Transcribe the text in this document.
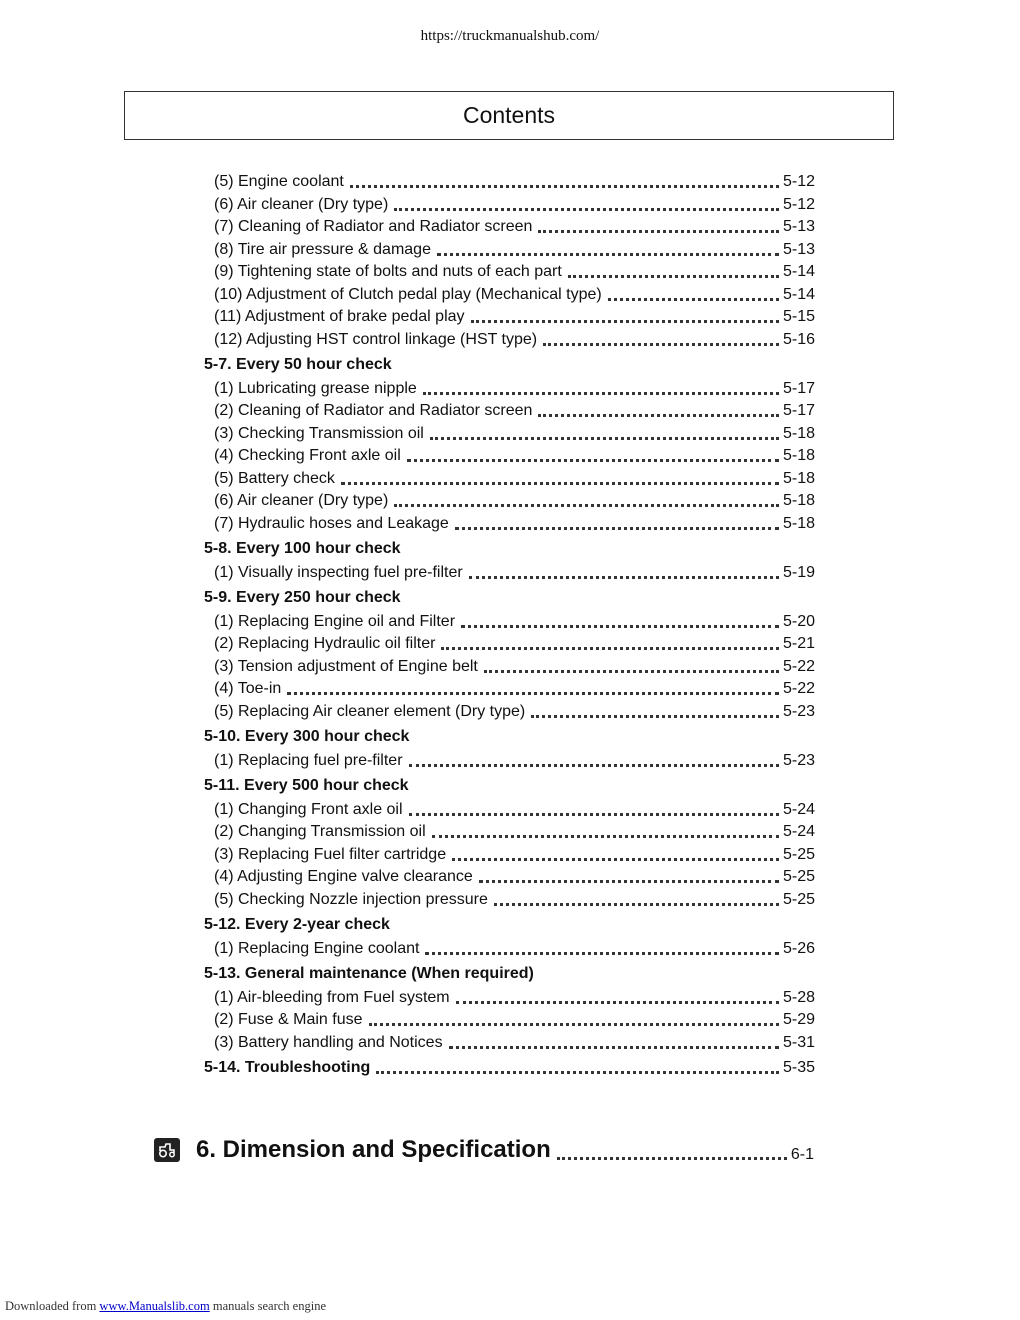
https://truckmanualshub.com/
Contents
(5) Engine coolant	5-12
(6) Air cleaner (Dry type)	5-12
(7) Cleaning of Radiator and Radiator screen	5-13
(8) Tire air pressure & damage	5-13
(9) Tightening state of bolts and nuts of each part	5-14
(10) Adjustment of Clutch pedal play (Mechanical type)	5-14
(11) Adjustment of brake pedal play	5-15
(12) Adjusting HST control linkage (HST type)	5-16
5-7. Every 50 hour check
(1) Lubricating grease nipple	5-17
(2) Cleaning of Radiator and Radiator screen	5-17
(3) Checking Transmission oil	5-18
(4) Checking Front axle oil	5-18
(5) Battery check	5-18
(6) Air cleaner (Dry type)	5-18
(7) Hydraulic hoses and Leakage	5-18
5-8. Every 100 hour check
(1) Visually inspecting fuel pre-filter	5-19
5-9. Every 250 hour check
(1) Replacing Engine oil and Filter	5-20
(2) Replacing Hydraulic oil filter	5-21
(3) Tension adjustment of Engine belt	5-22
(4) Toe-in	5-22
(5) Replacing Air cleaner element (Dry type)	5-23
5-10. Every 300 hour check
(1) Replacing fuel pre-filter	5-23
5-11. Every 500 hour check
(1) Changing Front axle oil	5-24
(2) Changing Transmission oil	5-24
(3) Replacing Fuel filter cartridge	5-25
(4) Adjusting Engine valve clearance	5-25
(5) Checking Nozzle injection pressure	5-25
5-12. Every 2-year check
(1) Replacing Engine coolant	5-26
5-13. General maintenance (When required)
(1) Air-bleeding from Fuel system	5-28
(2) Fuse & Main fuse	5-29
(3) Battery handling and Notices	5-31
5-14. Troubleshooting	5-35
6. Dimension and Specification	6-1
Downloaded from www.Manualslib.com manuals search engine
